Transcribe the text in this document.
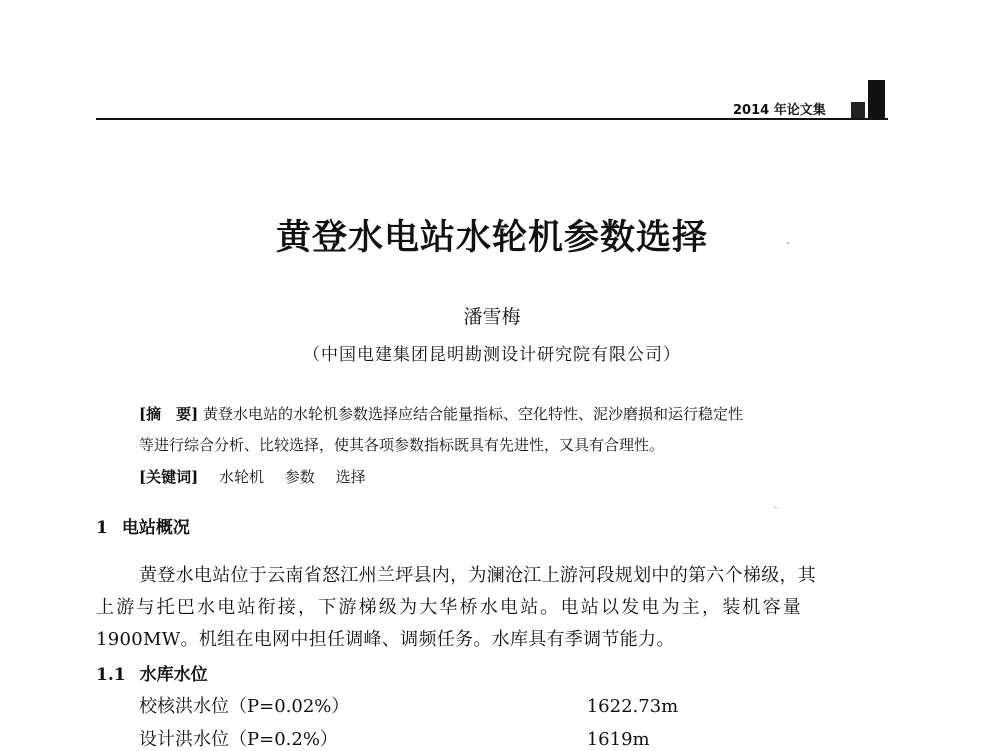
2014 年论文集
黄登水电站水轮机参数选择
潘雪梅
（中国电建集团昆明勘测设计研究院有限公司）
[摘　要] 黄登水电站的水轮机参数选择应结合能量指标、空化特性、泥沙磨损和运行稳定性
等进行综合分析、比较选择，使其各项参数指标既具有先进性，又具有合理性。
[关键词] 水轮机 参数 选择
1 电站概况
黄登水电站位于云南省怒江州兰坪县内，为澜沧江上游河段规划中的第六个梯级，其
上游与托巴水电站衔接，下游梯级为大华桥水电站。电站以发电为主，装机容量
1900MW。机组在电网中担任调峰、调频任务。水库具有季调节能力。
1.1 水库水位
校核洪水位（P=0.02%）	1622.73m
设计洪水位（P=0.2%）	1619m
